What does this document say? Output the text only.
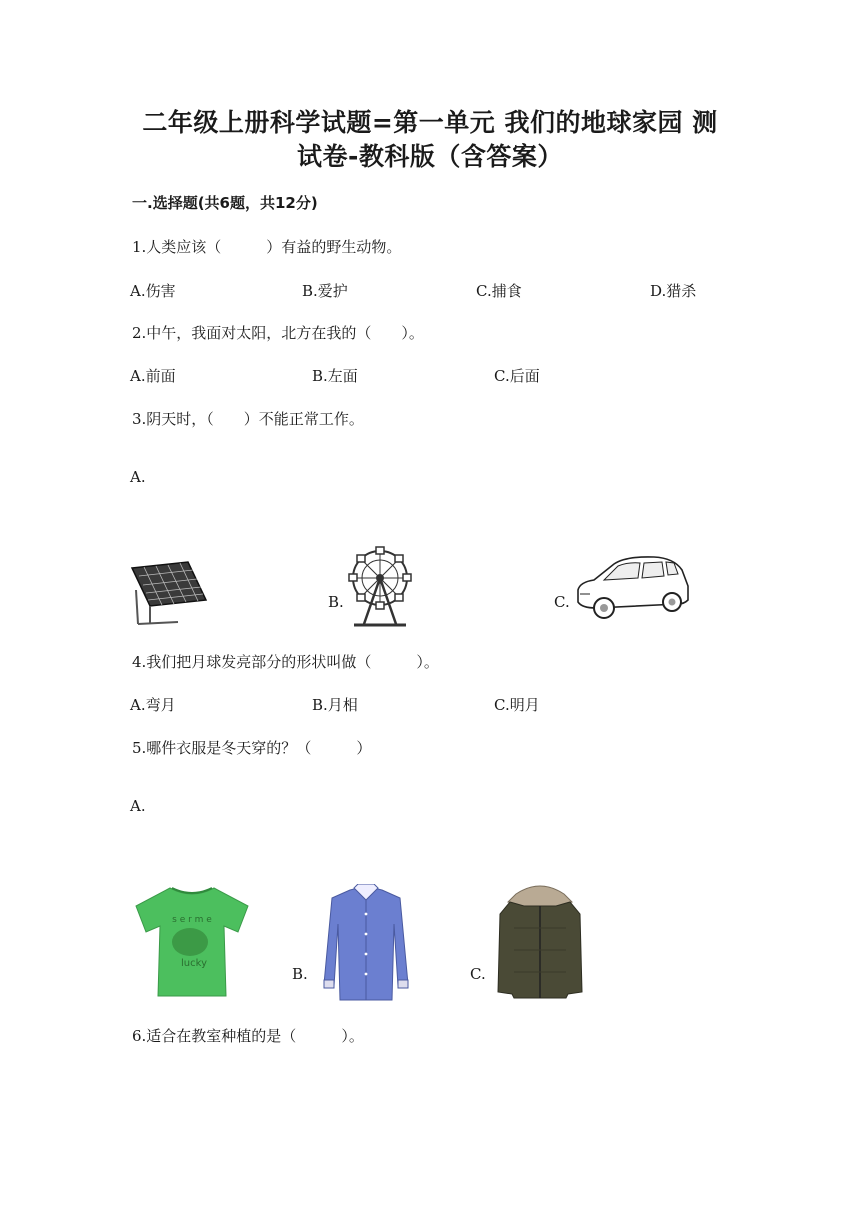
二年级上册科学试题=第一单元 我们的地球家园 测
试卷-教科版（含答案）
一.选择题(共6题，共12分)
1.人类应该（　　　）有益的野生动物。
A.伤害	B.爱护	C.捕食	D.猎杀
2.中午，我面对太阳，北方在我的（　　）。
A.前面	B.左面	C.后面
3.阴天时，（　　）不能正常工作。
A.
B.	C.
4.我们把月球发亮部分的形状叫做（　　　）。
A.弯月	B.月相	C.明月
5.哪件衣服是冬天穿的？（　　　）
A.
s e r m e
lucky
B.	C.
6.适合在教室种植的是（　　　）。
